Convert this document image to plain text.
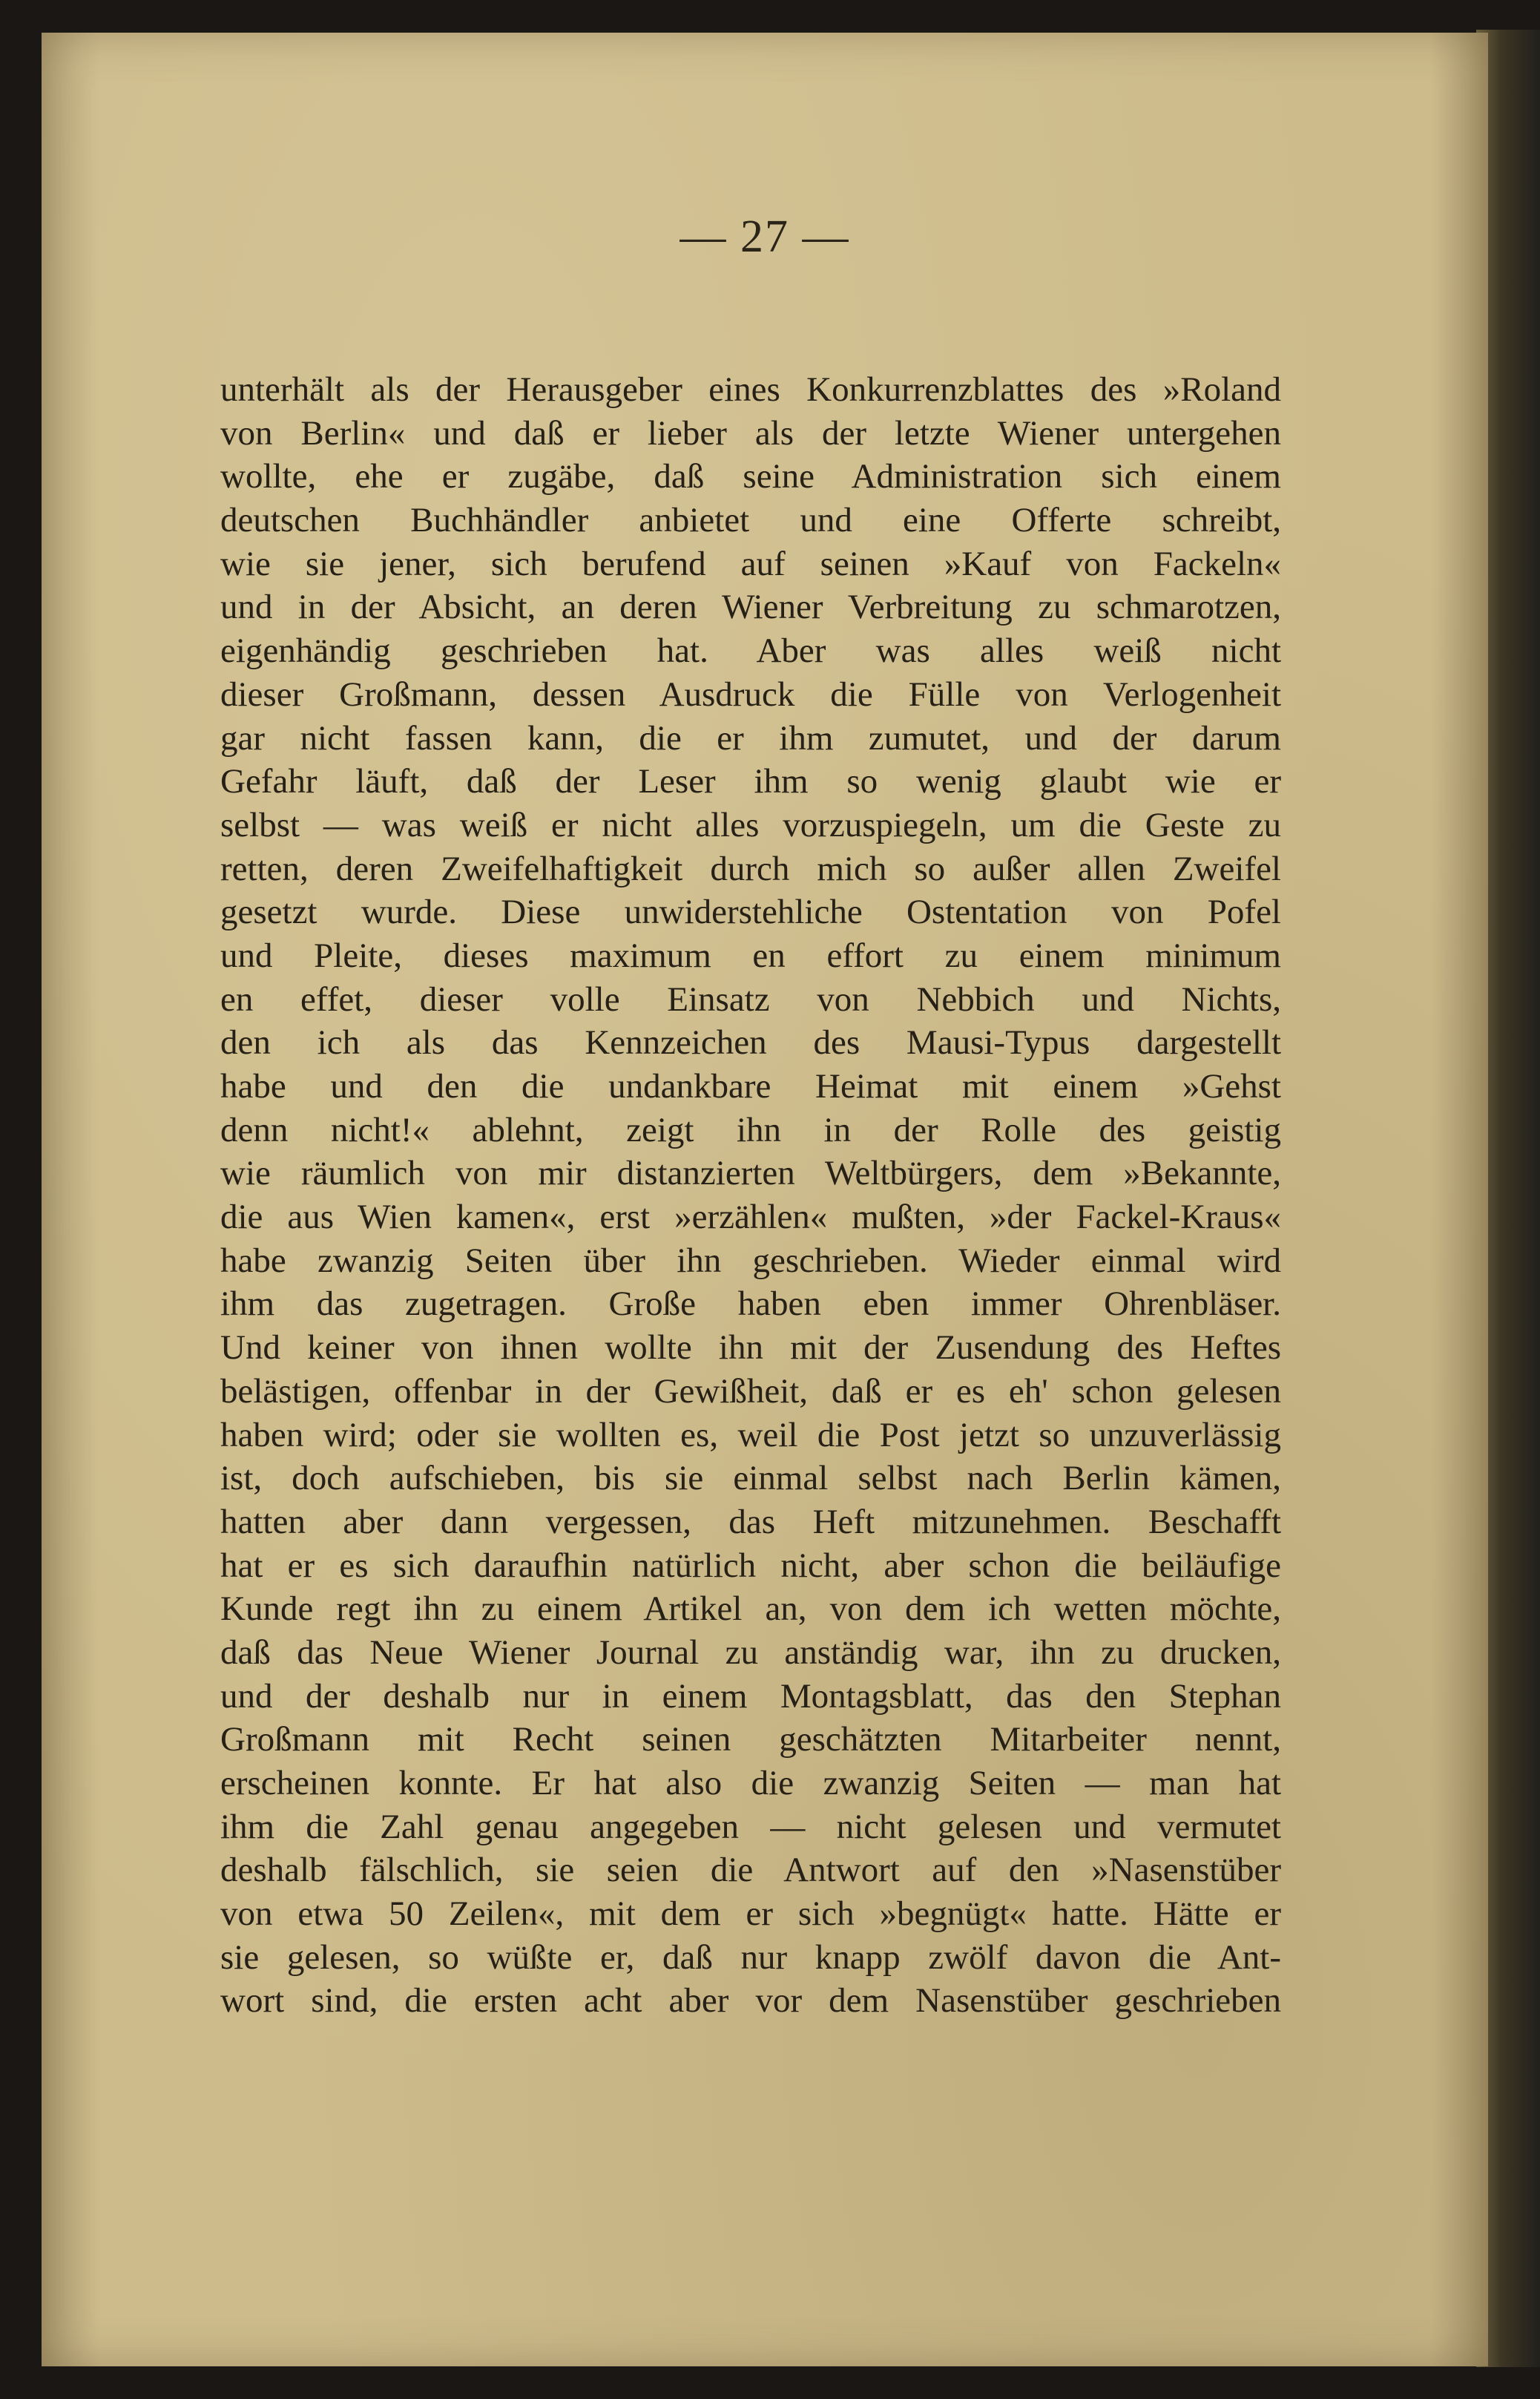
— 27 —
unterhält als der Herausgeber eines Konkurrenzblattes des »Roland
von Berlin« und daß er lieber als der letzte Wiener untergehen
wollte, ehe er zugäbe, daß seine Administration sich einem
deutschen Buchhändler anbietet und eine Offerte schreibt,
wie sie jener, sich berufend auf seinen »Kauf von Fackeln«
und in der Absicht, an deren Wiener Verbreitung zu schmarotzen,
eigenhändig geschrieben hat. Aber was alles weiß nicht
dieser Großmann, dessen Ausdruck die Fülle von Verlogenheit
gar nicht fassen kann, die er ihm zumutet, und der darum
Gefahr läuft, daß der Leser ihm so wenig glaubt wie er
selbst — was weiß er nicht alles vorzuspiegeln, um die Geste zu
retten, deren Zweifelhaftigkeit durch mich so außer allen Zweifel
gesetzt wurde. Diese unwiderstehliche Ostentation von Pofel
und Pleite, dieses maximum en effort zu einem minimum
en effet, dieser volle Einsatz von Nebbich und Nichts,
den ich als das Kennzeichen des Mausi-Typus dargestellt
habe und den die undankbare Heimat mit einem »Gehst
denn nicht!« ablehnt, zeigt ihn in der Rolle des geistig
wie räumlich von mir distanzierten Weltbürgers, dem »Bekannte,
die aus Wien kamen«, erst »erzählen« mußten, »der Fackel-Kraus«
habe zwanzig Seiten über ihn geschrieben. Wieder einmal wird
ihm das zugetragen. Große haben eben immer Ohrenbläser.
Und keiner von ihnen wollte ihn mit der Zusendung des Heftes
belästigen, offenbar in der Gewißheit, daß er es eh' schon gelesen
haben wird; oder sie wollten es, weil die Post jetzt so unzuverlässig
ist, doch aufschieben, bis sie einmal selbst nach Berlin kämen,
hatten aber dann vergessen, das Heft mitzunehmen. Beschafft
hat er es sich daraufhin natürlich nicht, aber schon die beiläufige
Kunde regt ihn zu einem Artikel an, von dem ich wetten möchte,
daß das Neue Wiener Journal zu anständig war, ihn zu drucken,
und der deshalb nur in einem Montagsblatt, das den Stephan
Großmann mit Recht seinen geschätzten Mitarbeiter nennt,
erscheinen konnte. Er hat also die zwanzig Seiten — man hat
ihm die Zahl genau angegeben — nicht gelesen und vermutet
deshalb fälschlich, sie seien die Antwort auf den »Nasenstüber
von etwa 50 Zeilen«, mit dem er sich »begnügt« hatte. Hätte er
sie gelesen, so wüßte er, daß nur knapp zwölf davon die Ant-
wort sind, die ersten acht aber vor dem Nasenstüber geschrieben
